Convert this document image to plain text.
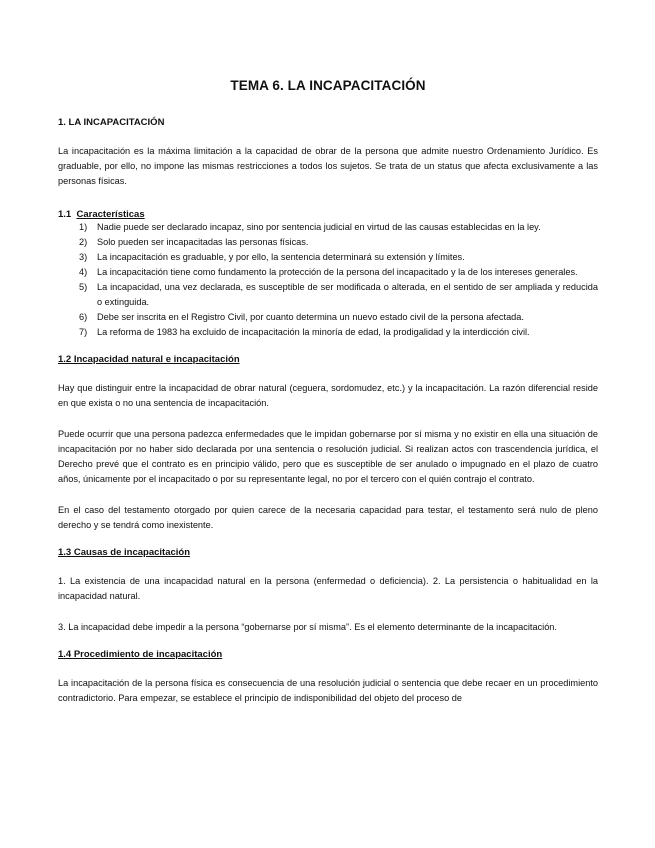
TEMA 6. LA INCAPACITACIÓN
1. LA INCAPACITACIÓN

La incapacitación es la máxima limitación a la capacidad de obrar de la persona que admite nuestro Ordenamiento Jurídico. Es graduable, por ello, no impone las mismas restricciones a todos los sujetos. Se trata de un status que afecta exclusivamente a las personas físicas.

1.1 Características
1) Nadie puede ser declarado incapaz, sino por sentencia judicial en virtud de las causas establecidas en la ley.
2) Solo pueden ser incapacitadas las personas físicas.
3) La incapacitación es graduable, y por ello, la sentencia determinará su extensión y límites.
4) La incapacitación tiene como fundamento la protección de la persona del incapacitado y la de los intereses generales.
5) La incapacidad, una vez declarada, es susceptible de ser modificada o alterada, en el sentido de ser ampliada y reducida o extinguida.
6) Debe ser inscrita en el Registro Civil, por cuanto determina un nuevo estado civil de la persona afectada.
7) La reforma de 1983 ha excluido de incapacitación la minoría de edad, la prodigalidad y la interdicción civil.
1.2 Incapacidad natural e incapacitación

Hay que distinguir entre la incapacidad de obrar natural (ceguera, sordomudez, etc.) y la incapacitación. La razón diferencial reside en que exista o no una sentencia de incapacitación.

Puede ocurrir que una persona padezca enfermedades que le impidan gobernarse por sí misma y no existir en ella una situación de incapacitación por no haber sido declarada por una sentencia o resolución judicial. Si realizan actos con trascendencia jurídica, el Derecho prevé que el contrato es en principio válido, pero que es susceptible de ser anulado o impugnado en el plazo de cuatro años, únicamente por el incapacitado o por su representante legal, no por el tercero con el quién contrajo el contrato.

En el caso del testamento otorgado por quien carece de la necesaria capacidad para testar, el testamento será nulo de pleno derecho y se tendrá como inexistente.

1.3 Causas de incapacitación

1. La existencia de una incapacidad natural en la persona (enfermedad o deficiencia). 2. La persistencia o habitualidad en la incapacidad natural.

3. La incapacidad debe impedir a la persona “gobernarse por sí misma”. Es el elemento determinante de la incapacitación.

1.4 Procedimiento de incapacitación

La incapacitación de la persona física es consecuencia de una resolución judicial o sentencia que debe recaer en un procedimiento contradictorio. Para empezar, se establece el principio de indisponibilidad del objeto del proceso de
